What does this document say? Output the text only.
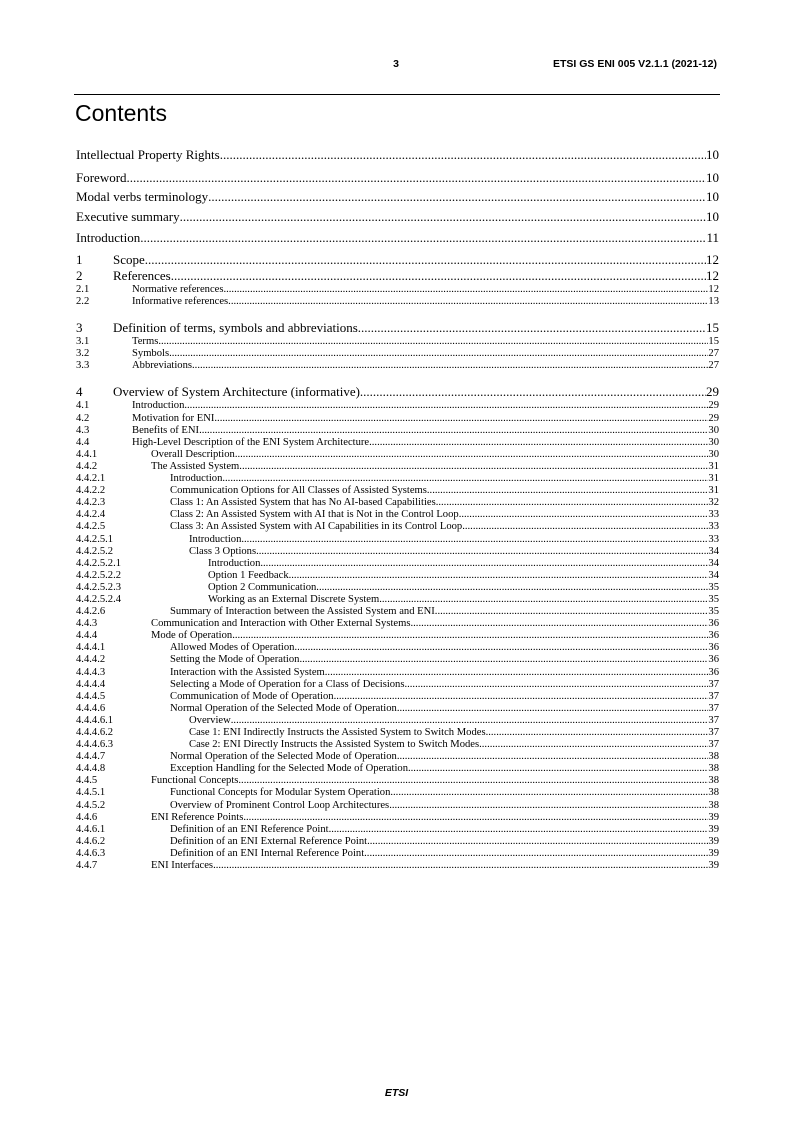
3	ETSI GS ENI 005 V2.1.1 (2021-12)
Contents
Intellectual Property Rights .....	10
Foreword .....	10
Modal verbs terminology .....	10
Executive summary .....	10
Introduction .....	11
1	Scope .....	12
2	References .....	12
2.1	Normative references .....	12
2.2	Informative references .....	13
3	Definition of terms, symbols and abbreviations .....	15
3.1	Terms .....	15
3.2	Symbols .....	27
3.3	Abbreviations .....	27
4	Overview of System Architecture (informative) .....	29
4.1	Introduction .....	29
4.2	Motivation for ENI .....	29
4.3	Benefits of ENI .....	30
4.4	High-Level Description of the ENI System Architecture .....	30
4.4.1	Overall Description .....	30
4.4.2	The Assisted System .....	31
4.4.2.1	Introduction .....	31
4.4.2.2	Communication Options for All Classes of Assisted Systems .....	31
4.4.2.3	Class 1: An Assisted System that has No AI-based Capabilities .....	32
4.4.2.4	Class 2: An Assisted System with AI that is Not in the Control Loop .....	33
4.4.2.5	Class 3: An Assisted System with AI Capabilities in its Control Loop .....	33
4.4.2.5.1	Introduction .....	33
4.4.2.5.2	Class 3 Options .....	34
4.4.2.5.2.1	Introduction .....	34
4.4.2.5.2.2	Option 1 Feedback .....	34
4.4.2.5.2.3	Option 2 Communication .....	35
4.4.2.5.2.4	Working as an External Discrete System .....	35
4.4.2.6	Summary of Interaction between the Assisted System and ENI .....	35
4.4.3	Communication and Interaction with Other External Systems .....	36
4.4.4	Mode of Operation .....	36
4.4.4.1	Allowed Modes of Operation .....	36
4.4.4.2	Setting the Mode of Operation .....	36
4.4.4.3	Interaction with the Assisted System .....	36
4.4.4.4	Selecting a Mode of Operation for a Class of Decisions .....	37
4.4.4.5	Communication of Mode of Operation .....	37
4.4.4.6	Normal Operation of the Selected Mode of Operation .....	37
4.4.4.6.1	Overview .....	37
4.4.4.6.2	Case 1: ENI Indirectly Instructs the Assisted System to Switch Modes .....	37
4.4.4.6.3	Case 2: ENI Directly Instructs the Assisted System to Switch Modes .....	37
4.4.4.7	Normal Operation of the Selected Mode of Operation .....	38
4.4.4.8	Exception Handling for the Selected Mode of Operation .....	38
4.4.5	Functional Concepts .....	38
4.4.5.1	Functional Concepts for Modular System Operation .....	38
4.4.5.2	Overview of Prominent Control Loop Architectures .....	38
4.4.6	ENI Reference Points .....	39
4.4.6.1	Definition of an ENI Reference Point .....	39
4.4.6.2	Definition of an ENI External Reference Point .....	39
4.4.6.3	Definition of an ENI Internal Reference Point .....	39
4.4.7	ENI Interfaces .....	39
ETSI
